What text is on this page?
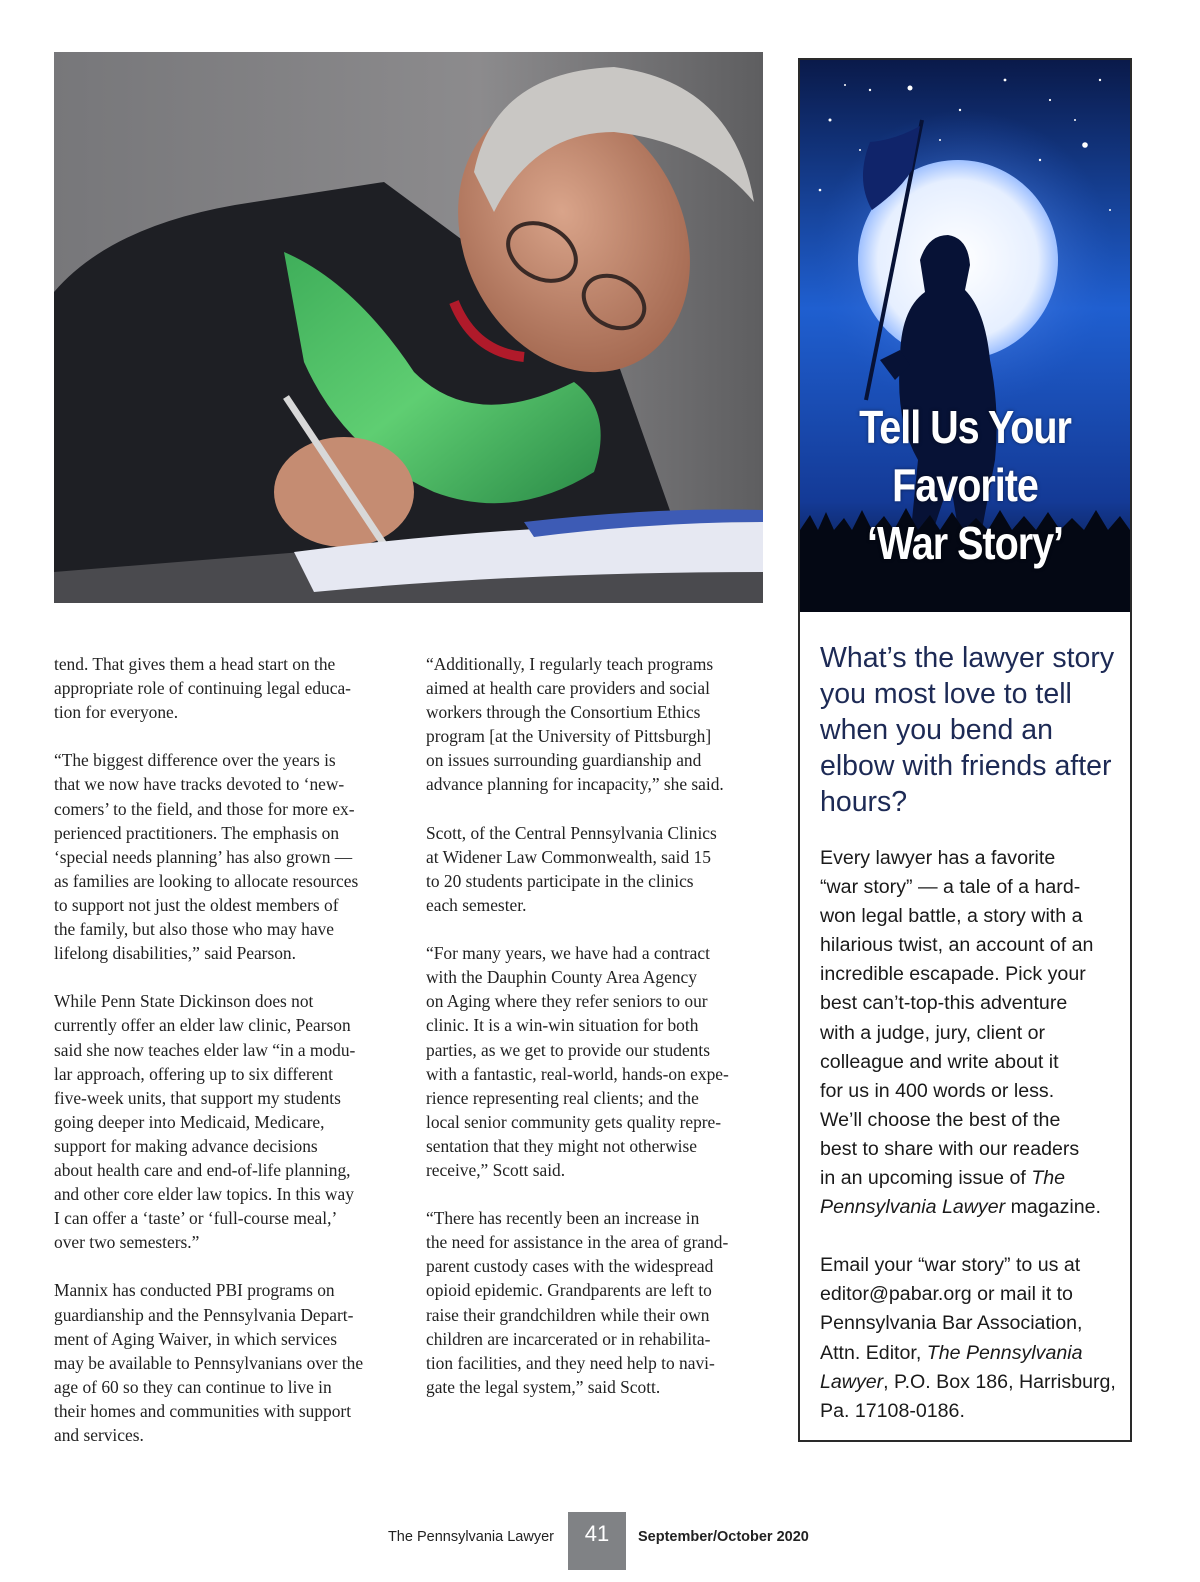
tend. That gives them a head start on the
appropriate role of continuing legal educa-
tion for everyone.

“The biggest difference over the years is
that we now have tracks devoted to ‘new-
comers’ to the field, and those for more ex-
perienced practitioners. The emphasis on
‘special needs planning’ has also grown —
as families are looking to allocate resources
to support not just the oldest members of
the family, but also those who may have
lifelong disabilities,” said Pearson.

While Penn State Dickinson does not
currently offer an elder law clinic, Pearson
said she now teaches elder law “in a modu-
lar approach, offering up to six different
five-week units, that support my students
going deeper into Medicaid, Medicare,
support for making advance decisions
about health care and end-of-life planning,
and other core elder law topics. In this way
I can offer a ‘taste’ or ‘full-course meal,’
over two semesters.”

Mannix has conducted PBI programs on
guardianship and the Pennsylvania Depart-
ment of Aging Waiver, in which services
may be available to Pennsylvanians over the
age of 60 so they can continue to live in
their homes and communities with support
and services.

“Additionally, I regularly teach programs
aimed at health care providers and social
workers through the Consortium Ethics
program [at the University of Pittsburgh]
on issues surrounding guardianship and
advance planning for incapacity,” she said.

Scott, of the Central Pennsylvania Clinics
at Widener Law Commonwealth, said 15
to 20 students participate in the clinics
each semester.

“For many years, we have had a contract
with the Dauphin County Area Agency
on Aging where they refer seniors to our
clinic. It is a win-win situation for both
parties, as we get to provide our students
with a fantastic, real-world, hands-on expe-
rience representing real clients; and the
local senior community gets quality repre-
sentation that they might not otherwise
receive,” Scott said.

“There has recently been an increase in
the need for assistance in the area of grand-
parent custody cases with the widespread
opioid epidemic. Grandparents are left to
raise their grandchildren while their own
children are incarcerated or in rehabilita-
tion facilities, and they need help to navi-
gate the legal system,” said Scott.

Tell Us Your
Favorite
‘War Story’
What’s the lawyer story you most love to tell when you bend an elbow with friends after hours?

Every lawyer has a favorite
“war story” — a tale of a hard-
won legal battle, a story with a
hilarious twist, an account of an
incredible escapade. Pick your
best can’t-top-this adventure
with a judge, jury, client or
colleague and write about it
for us in 400 words or less.
We’ll choose the best of the
best to share with our readers
in an upcoming issue of The
Pennsylvania Lawyer magazine.

Email your “war story” to us at
editor@pabar.org or mail it to
Pennsylvania Bar Association,
Attn. Editor, The Pennsylvania
Lawyer, P.O. Box 186, Harrisburg,
Pa. 17108-0186.

The Pennsylvania Lawyer	41	September/October 2020
